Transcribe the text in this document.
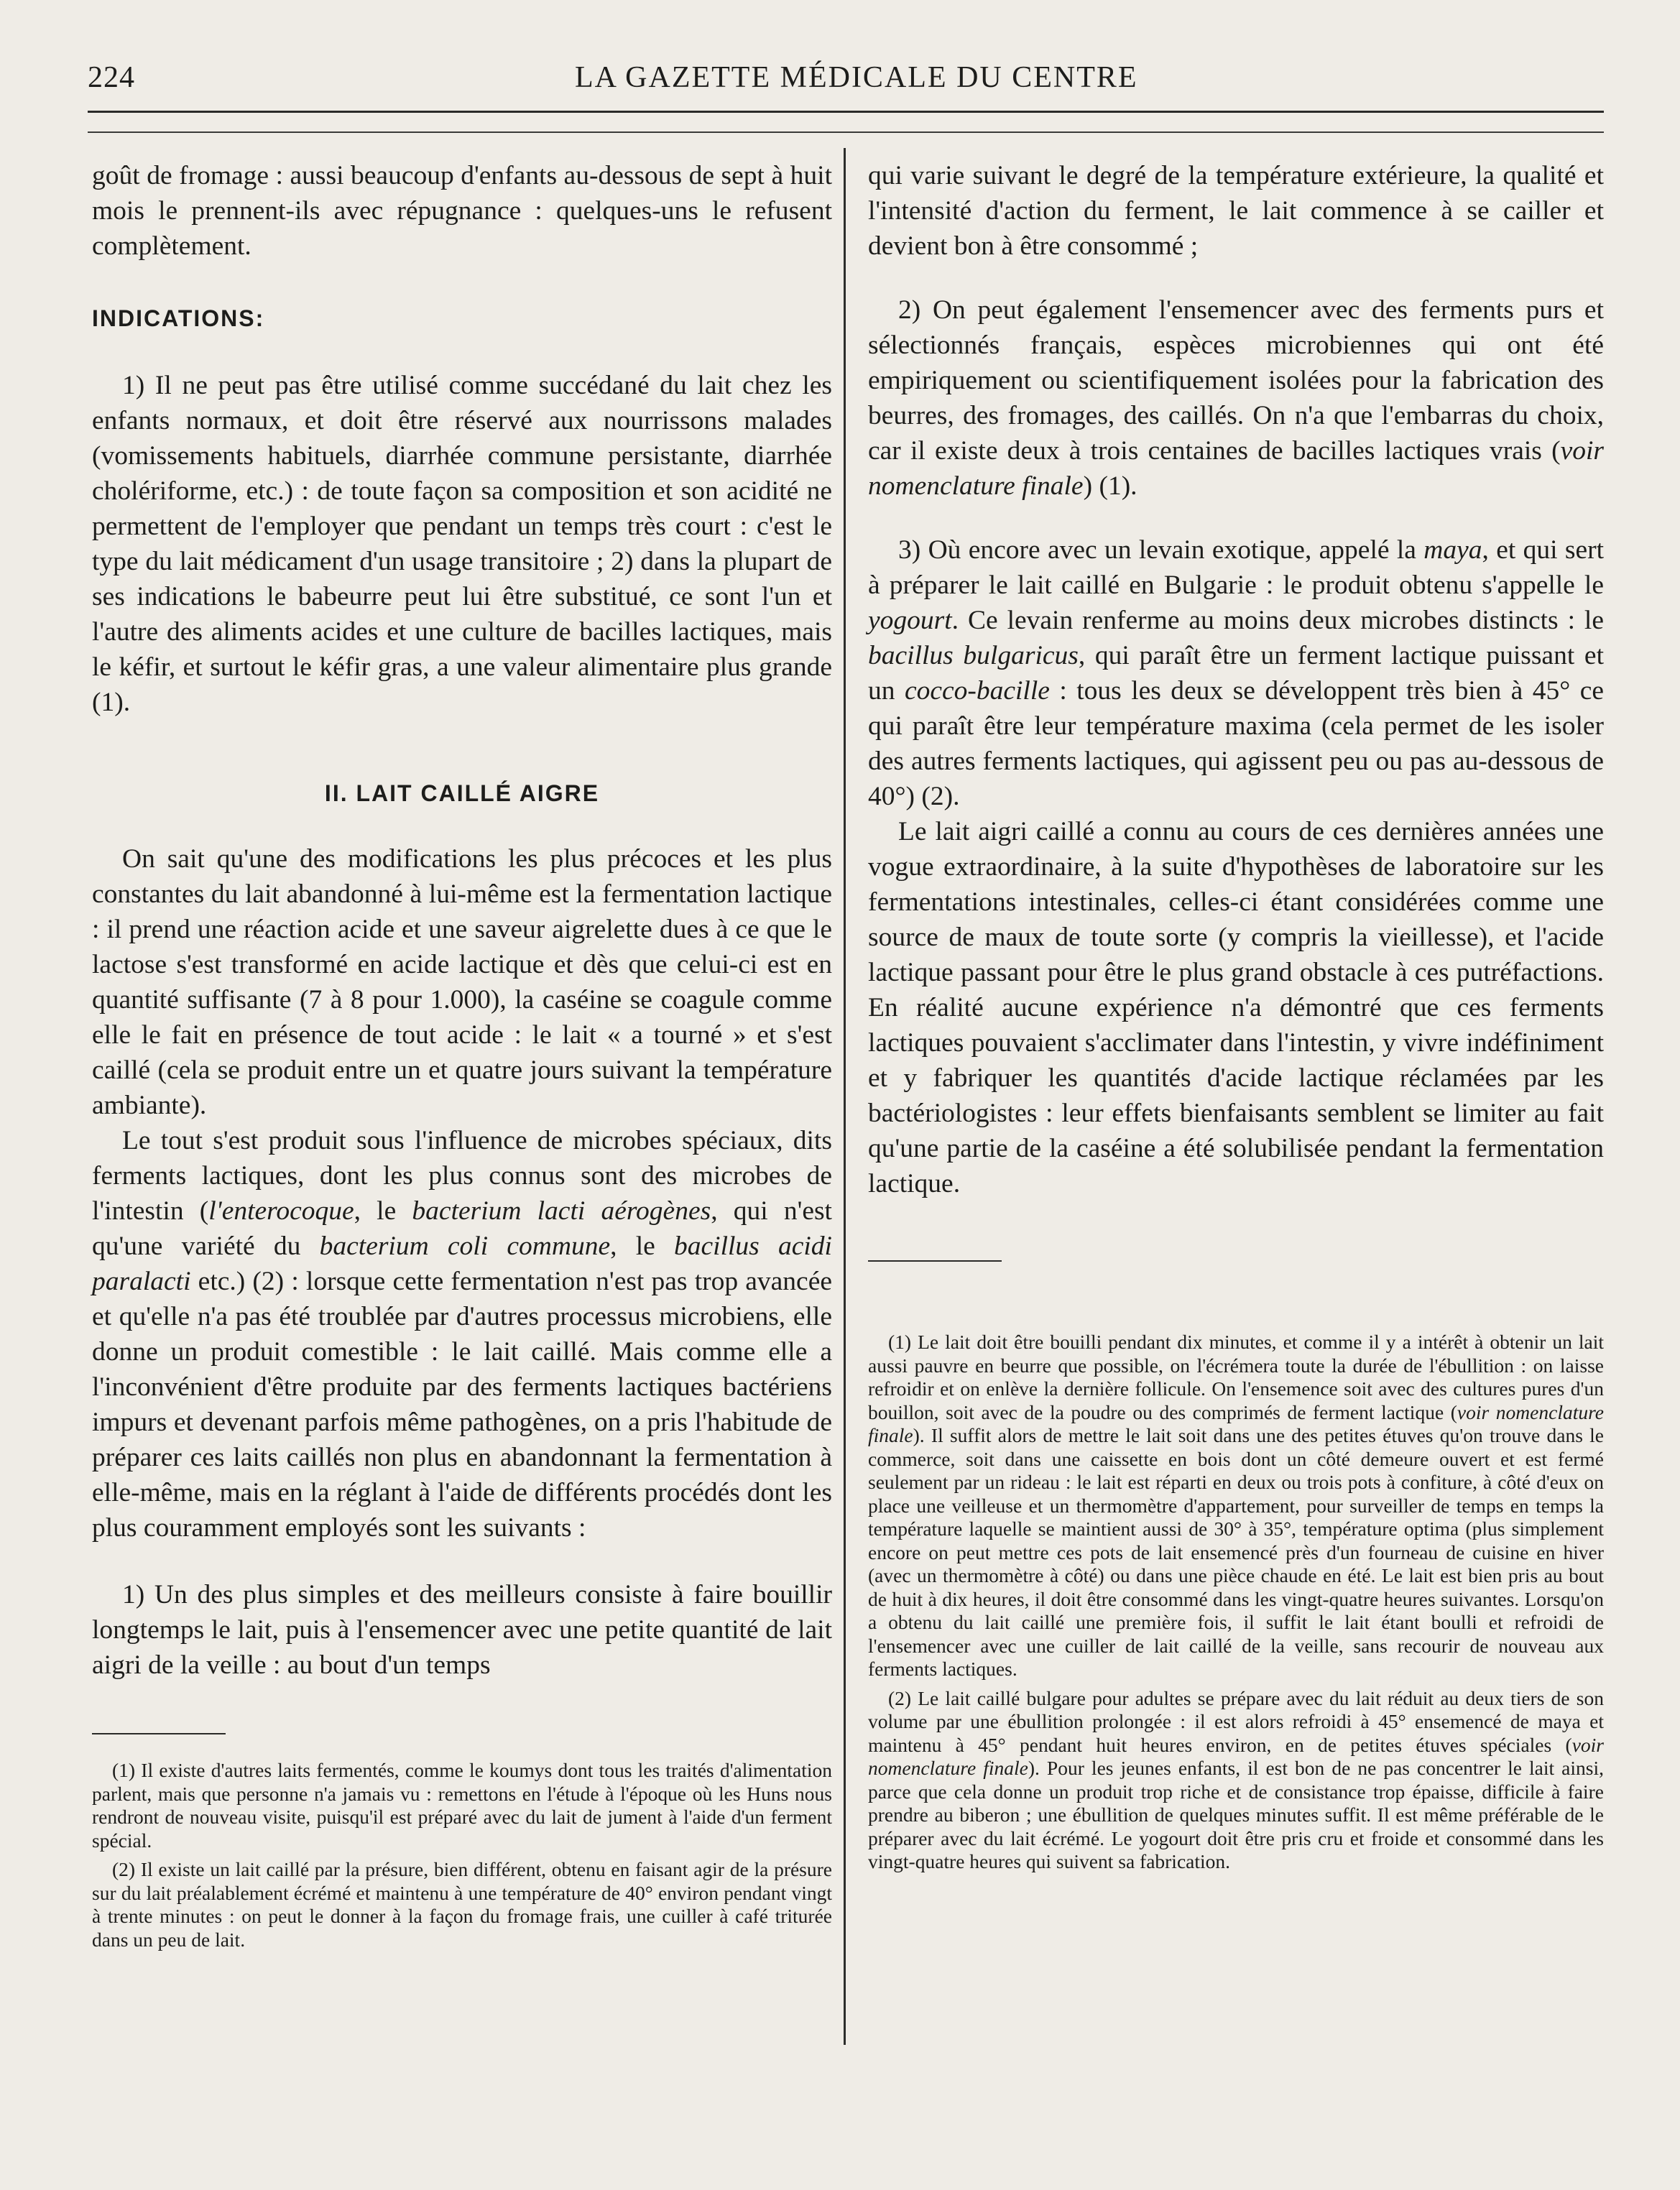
224	LA GAZETTE MÉDICALE DU CENTRE

goût de fromage : aussi beaucoup d'enfants au-dessous de sept à huit mois le prennent-ils avec répugnance : quelques-uns le refusent complètement.

INDICATIONS:

1) Il ne peut pas être utilisé comme succédané du lait chez les enfants normaux, et doit être réservé aux nourrissons malades (vomissements habituels, diarrhée commune persistante, diarrhée cholériforme, etc.) : de toute façon sa composition et son acidité ne permettent de l'employer que pendant un temps très court : c'est le type du lait médicament d'un usage transitoire ; 2) dans la plupart de ses indications le babeurre peut lui être substitué, ce sont l'un et l'autre des aliments acides et une culture de bacilles lactiques, mais le kéfir, et surtout le kéfir gras, a une valeur alimentaire plus grande (1).

II. LAIT CAILLÉ AIGRE

On sait qu'une des modifications les plus précoces et les plus constantes du lait abandonné à lui-même est la fermentation lactique : il prend une réaction acide et une saveur aigrelette dues à ce que le lactose s'est transformé en acide lactique et dès que celui-ci est en quantité suffisante (7 à 8 pour 1.000), la caséine se coagule comme elle le fait en présence de tout acide : le lait « a tourné » et s'est caillé (cela se produit entre un et quatre jours suivant la température ambiante).

Le tout s'est produit sous l'influence de microbes spéciaux, dits ferments lactiques, dont les plus connus sont des microbes de l'intestin (l'enterocoque, le bacterium lacti aérogènes, qui n'est qu'une variété du bacterium coli commune, le bacillus acidi paralacti etc.) (2) : lorsque cette fermentation n'est pas trop avancée et qu'elle n'a pas été troublée par d'autres processus microbiens, elle donne un produit comestible : le lait caillé. Mais comme elle a l'inconvénient d'être produite par des ferments lactiques bactériens impurs et devenant parfois même pathogènes, on a pris l'habitude de préparer ces laits caillés non plus en abandonnant la fermentation à elle-même, mais en la réglant à l'aide de différents procédés dont les plus couramment employés sont les suivants :

1) Un des plus simples et des meilleurs consiste à faire bouillir longtemps le lait, puis à l'ensemencer avec une petite quantité de lait aigri de la veille : au bout d'un temps

(1) Il existe d'autres laits fermentés, comme le koumys dont tous les traités d'alimentation parlent, mais que personne n'a jamais vu : remettons en l'étude à l'époque où les Huns nous rendront de nouveau visite, puisqu'il est préparé avec du lait de jument à l'aide d'un ferment spécial.

(2) Il existe un lait caillé par la présure, bien différent, obtenu en faisant agir de la présure sur du lait préalablement écrémé et maintenu à une température de 40° environ pendant vingt à trente minutes : on peut le donner à la façon du fromage frais, une cuiller à café triturée dans un peu de lait.

qui varie suivant le degré de la température extérieure, la qualité et l'intensité d'action du ferment, le lait commence à se cailler et devient bon à être consommé ;

2) On peut également l'ensemencer avec des ferments purs et sélectionnés français, espèces microbiennes qui ont été empiriquement ou scientifiquement isolées pour la fabrication des beurres, des fromages, des caillés. On n'a que l'embarras du choix, car il existe deux à trois centaines de bacilles lactiques vrais (voir nomenclature finale) (1).

3) Où encore avec un levain exotique, appelé la maya, et qui sert à préparer le lait caillé en Bulgarie : le produit obtenu s'appelle le yogourt. Ce levain renferme au moins deux microbes distincts : le bacillus bulgaricus, qui paraît être un ferment lactique puissant et un cocco-bacille : tous les deux se développent très bien à 45° ce qui paraît être leur température maxima (cela permet de les isoler des autres ferments lactiques, qui agissent peu ou pas au-dessous de 40°) (2).

Le lait aigri caillé a connu au cours de ces dernières années une vogue extraordinaire, à la suite d'hypothèses de laboratoire sur les fermentations intestinales, celles-ci étant considérées comme une source de maux de toute sorte (y compris la vieillesse), et l'acide lactique passant pour être le plus grand obstacle à ces putréfactions. En réalité aucune expérience n'a démontré que ces ferments lactiques pouvaient s'acclimater dans l'intestin, y vivre indéfiniment et y fabriquer les quantités d'acide lactique réclamées par les bactériologistes : leur effets bienfaisants semblent se limiter au fait qu'une partie de la caséine a été solubilisée pendant la fermentation lactique.

(1) Le lait doit être bouilli pendant dix minutes, et comme il y a intérêt à obtenir un lait aussi pauvre en beurre que possible, on l'écrémera toute la durée de l'ébullition : on laisse refroidir et on enlève la dernière follicule. On l'ensemence soit avec des cultures pures d'un bouillon, soit avec de la poudre ou des comprimés de ferment lactique (voir nomenclature finale). Il suffit alors de mettre le lait soit dans une des petites étuves qu'on trouve dans le commerce, soit dans une caissette en bois dont un côté demeure ouvert et est fermé seulement par un rideau : le lait est réparti en deux ou trois pots à confiture, à côté d'eux on place une veilleuse et un thermomètre d'appartement, pour surveiller de temps en temps la température laquelle se maintient aussi de 30° à 35°, température optima (plus simplement encore on peut mettre ces pots de lait ensemencé près d'un fourneau de cuisine en hiver (avec un thermomètre à côté) ou dans une pièce chaude en été. Le lait est bien pris au bout de huit à dix heures, il doit être consommé dans les vingt-quatre heures suivantes. Lorsqu'on a obtenu du lait caillé une première fois, il suffit le lait étant boulli et refroidi de l'ensemencer avec une cuiller de lait caillé de la veille, sans recourir de nouveau aux ferments lactiques.

(2) Le lait caillé bulgare pour adultes se prépare avec du lait réduit au deux tiers de son volume par une ébullition prolongée : il est alors refroidi à 45° ensemencé de maya et maintenu à 45° pendant huit heures environ, en de petites étuves spéciales (voir nomenclature finale). Pour les jeunes enfants, il est bon de ne pas concentrer le lait ainsi, parce que cela donne un produit trop riche et de consistance trop épaisse, difficile à faire prendre au biberon ; une ébullition de quelques minutes suffit. Il est même préférable de le préparer avec du lait écrémé. Le yogourt doit être pris cru et froide et consommé dans les vingt-quatre heures qui suivent sa fabrication.
